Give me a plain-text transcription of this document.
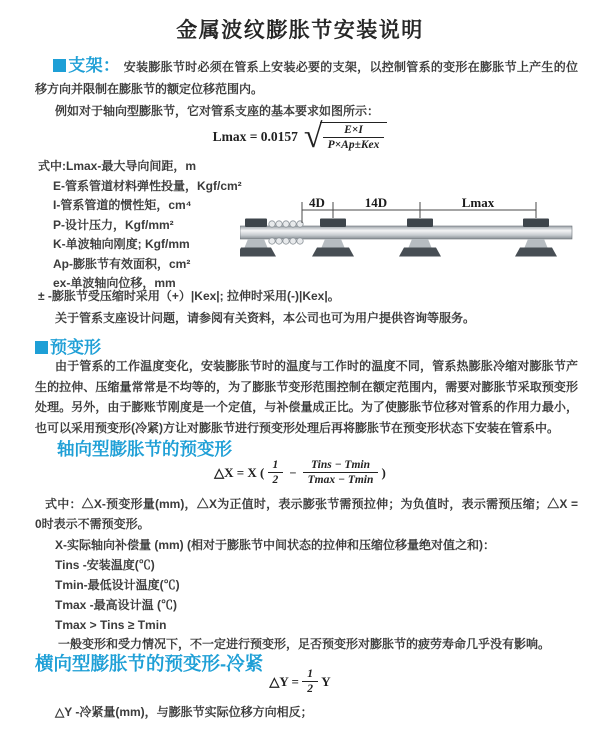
金属波纹膨胀节安装说明

支架： 安装膨胀节时必须在管系上安装必要的支架，以控制管系的变形在膨胀节上产生的位移方向并限制在膨胀节的额定位移范围内。

例如对于轴向型膨胀节，它对管系支座的基本要求如图所示：

Lmax = 0.0157 √ $\frac{E\times I}{\text{P×Ap±Kex}}$
式中:Lmax-最大导向间距，m
E-管系管道材料弹性投量，Kgf/cm²
I-管系管道的惯性矩，cm⁴
P-设计压力，Kgf/mm²
K-单波轴向刚度; Kgf/mm
Ap-膨胀节有效面积，cm²
ex-单波轴向位移，mm
4D	14D	Lmax

± -膨胀节受压缩时采用（+）|Kex|; 拉伸时采用(-)|Kex|。

关于管系支座设计问题，请参阅有关资料，本公司也可为用户提供咨询等服务。

预变形

由于管系的工作温度变化，安装膨胀节时的温度与工作时的温度不同，管系热膨胀冷缩对膨胀节产生的拉伸、压缩量常常是不均等的，为了膨胀节变形范围控制在额定范围内，需要对膨胀节采取预变形处理。另外，由于膨账节刚度是一个定值，与补偿量成正比。为了使膨胀节位移对管系的作用力最小，也可以采用预变形(冷紧)方让对膨胀节进行预变形处理后再将膨胀节在预变形状态下安装在管系中。

轴向型膨胀节的预变形
△X = X ( $\frac{1}{2} - \frac{\text{Tins − Tmin}}{Tmax - Tmin}$ )

式中：△X-预变形量(mm)，△X为正值时，表示膨张节需预拉伸；为负值时，表示需预压缩；△X = 0时表示不需预变形。

X-实际轴向补偿量 (mm) (相对于膨胀节中间状态的拉伸和压缩位移量绝对值之和)：
Tins -安装温度(℃)
Tmin-最低设计温度(℃)
Tmax -最高设计温 (℃)
Tmax > Tins ≥ Tmin

一般变形和受力情况下，不一定进行预变形，足否预变形对膨胀节的疲劳寿命几乎没有影响。

横向型膨胀节的预变形-冷紧
△Y = $\frac{1}{2}$ Y

△Y -冷紧量(mm)，与膨胀节实际位移方向相反；
